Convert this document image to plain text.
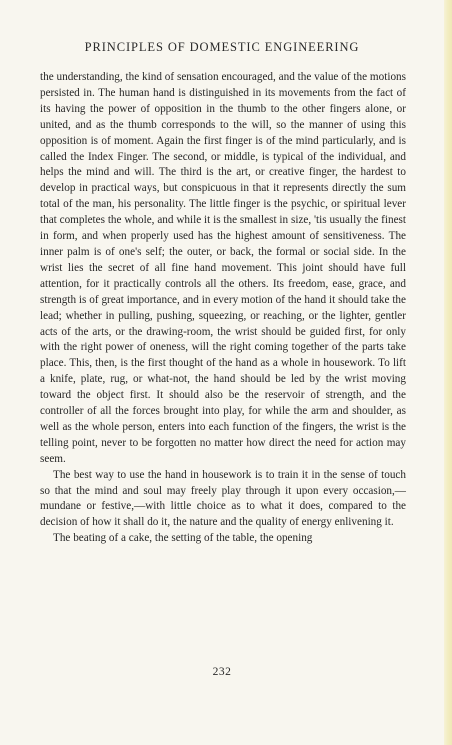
PRINCIPLES OF DOMESTIC ENGINEERING

the understanding, the kind of sensation encouraged, and the value of the motions persisted in. The human hand is distinguished in its movements from the fact of its having the power of opposition in the thumb to the other fingers alone, or united, and as the thumb corresponds to the will, so the manner of using this opposition is of moment. Again the first finger is of the mind particularly, and is called the Index Finger. The second, or middle, is typical of the individual, and helps the mind and will. The third is the art, or creative finger, the hardest to develop in practical ways, but conspicuous in that it represents directly the sum total of the man, his personality. The little finger is the psychic, or spiritual lever that completes the whole, and while it is the smallest in size, 'tis usually the finest in form, and when properly used has the highest amount of sensitiveness. The inner palm is of one's self; the outer, or back, the formal or social side. In the wrist lies the secret of all fine hand movement. This joint should have full attention, for it practically controls all the others. Its freedom, ease, grace, and strength is of great importance, and in every motion of the hand it should take the lead; whether in pulling, pushing, squeezing, or reaching, or the lighter, gentler acts of the arts, or the drawing-room, the wrist should be guided first, for only with the right power of oneness, will the right coming together of the parts take place. This, then, is the first thought of the hand as a whole in housework. To lift a knife, plate, rug, or what-not, the hand should be led by the wrist moving toward the object first. It should also be the reservoir of strength, and the controller of all the forces brought into play, for while the arm and shoulder, as well as the whole person, enters into each function of the fingers, the wrist is the telling point, never to be forgotten no matter how direct the need for action may seem.

The best way to use the hand in housework is to train it in the sense of touch so that the mind and soul may freely play through it upon every occasion,—mundane or festive,—with little choice as to what it does, compared to the decision of how it shall do it, the nature and the quality of energy enlivening it.

The beating of a cake, the setting of the table, the opening

232
